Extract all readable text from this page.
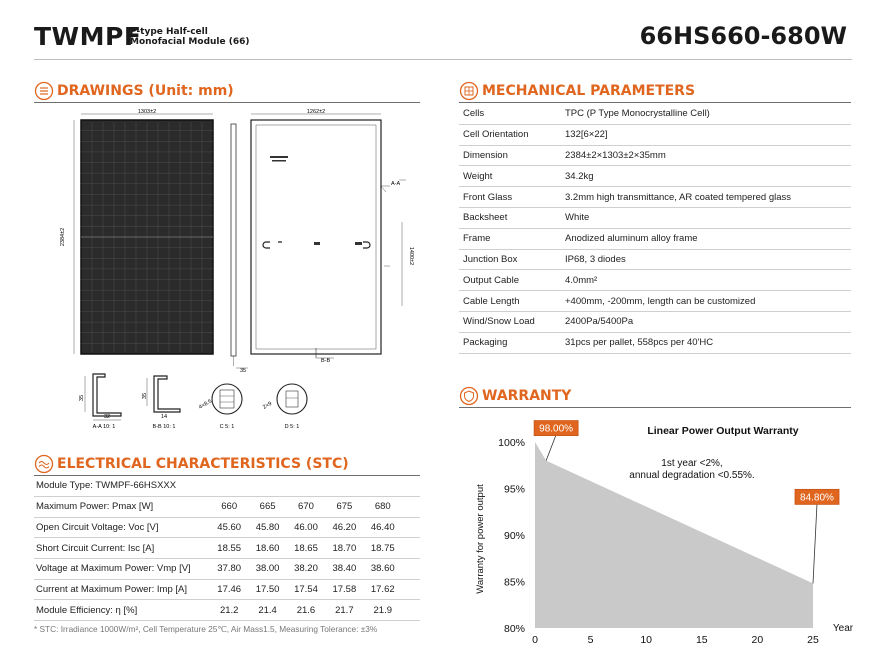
TWMPF
P-type Half-cell
Monofacial Module (66)	66HS660-680W
DRAWINGS (Unit: mm)
1303±2
2384±2
35
1262±2
1400±2
A-A
B-B
35
32
A-A 10: 1
35
14
B-B 10: 1
4×8.5
C 5: 1
2×9
D 5: 1
MECHANICAL PARAMETERS
Cells	TPC (P Type Monocrystalline Cell)
Cell Orientation	132[6×22]
Dimension	2384±2×1303±2×35mm
Weight	34.2kg
Front Glass	3.2mm high transmittance, AR coated tempered glass
Backsheet	White
Frame	Anodized aluminum alloy frame
Junction Box	IP68, 3 diodes
Output Cable	4.0mm²
Cable Length	+400mm, -200mm, length can be customized
Wind/Snow Load	2400Pa/5400Pa
Packaging	31pcs per pallet, 558pcs per 40'HC
ELECTRICAL CHARACTERISTICS (STC)
Module Type: TWMPF-66HSXXX
Maximum Power: Pmax [W]	660	665	670	675	680
Open Circuit Voltage: Voc [V]	45.60	45.80	46.00	46.20	46.40
Short Circuit Current: Isc [A]	18.55	18.60	18.65	18.70	18.75
Voltage at Maximum Power: Vmp [V]	37.80	38.00	38.20	38.40	38.60
Current at Maximum Power: Imp [A]	17.46	17.50	17.54	17.58	17.62
Module Efficiency: η [%]	21.2	21.4	21.6	21.7	21.9
* STC: Irradiance 1000W/m², Cell Temperature 25℃, Air Mass1.5, Measuring Tolerance: ±3%
WARRANTY
80%
85%
90%
95%
100%
0	5	10	15	20	25
Linear Power Output Warranty
1st year <2%,
annual degradation <0.55%.
Warranty for power output
Year
98.00%
84.80%
